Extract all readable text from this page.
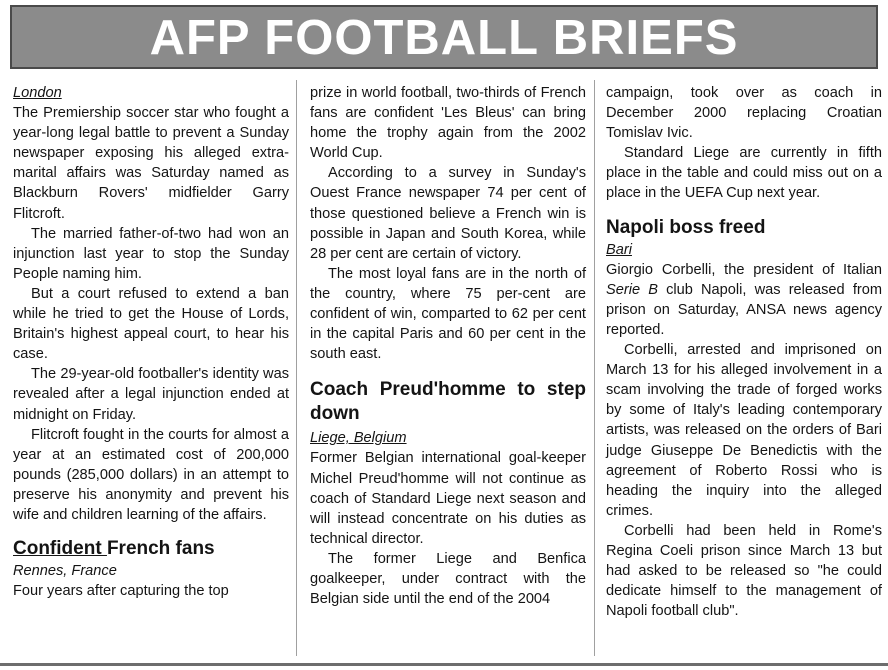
AFP FOOTBALL BRIEFS

London

The Premiership soccer star who fought a year-long legal battle to prevent a Sunday newspaper exposing his alleged extra-marital affairs was Saturday named as Blackburn Rovers' midfielder Garry Flitcroft.

The married father-of-two had won an injunction last year to stop the Sunday People naming him.

But a court refused to extend a ban while he tried to get the House of Lords, Britain's highest appeal court, to hear his case.

The 29-year-old footballer's identity was revealed after a legal injunction ended at midnight on Friday.

Flitcroft fought in the courts for almost a year at an estimated cost of 200,000 pounds (285,000 dollars) in an attempt to preserve his anonymity and prevent his wife and children learning of the affairs.

Confident French fans

Rennes, France

Four years after capturing the top

prize in world football, two-thirds of French fans are confident 'Les Bleus' can bring home the trophy again from the 2002 World Cup.

According to a survey in Sunday's Ouest France newspaper 74 per cent of those questioned believe a French win is possible in Japan and South Korea, while 28 per cent are certain of victory.

The most loyal fans are in the north of the country, where 75 per-cent are confident of win, comparted to 62 per cent in the capital Paris and 60 per cent in the south east.

Coach Preud'homme to step down

Liege, Belgium

Former Belgian international goal-keeper Michel Preud'homme will not continue as coach of Standard Liege next season and will instead concentrate on his duties as technical director.

The former Liege and Benfica goalkeeper, under contract with the Belgian side until the end of the 2004

campaign, took over as coach in December 2000 replacing Croatian Tomislav Ivic.

Standard Liege are currently in fifth place in the table and could miss out on a place in the UEFA Cup next year.

Napoli boss freed

Bari

Giorgio Corbelli, the president of Italian Serie B club Napoli, was released from prison on Saturday, ANSA news agency reported.

Corbelli, arrested and imprisoned on March 13 for his alleged involvement in a scam involving the trade of forged works by some of Italy's leading contemporary artists, was released on the orders of Bari judge Giuseppe De Benedictis with the agreement of Roberto Rossi who is heading the inquiry into the alleged crimes.

Corbelli had been held in Rome's Regina Coeli prison since March 13 but had asked to be released so "he could dedicate himself to the management of Napoli football club".
